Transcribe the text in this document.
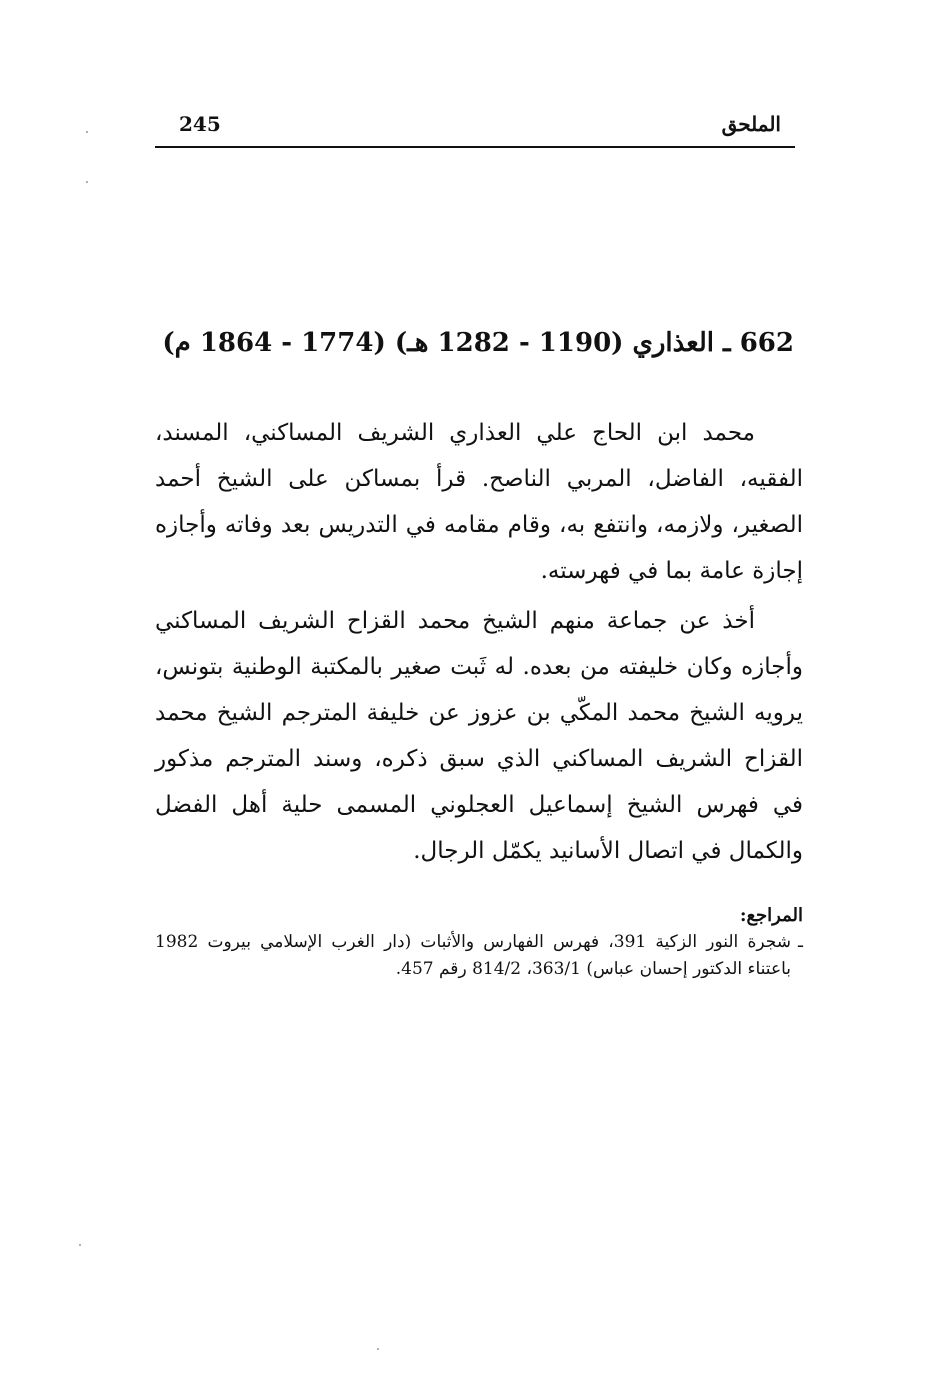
245	الملحق
662 ـ العذاري (1190 - 1282 هـ) (1774 - 1864 م)

محمد ابن الحاج علي العذاري الشريف المساكني، المسند، الفقيه، الفاضل، المربي الناصح. قرأ بمساكن على الشيخ أحمد الصغير، ولازمه، وانتفع به، وقام مقامه في التدريس بعد وفاته وأجازه إجازة عامة بما في فهرسته.

أخذ عن جماعة منهم الشيخ محمد القزاح الشريف المساكني وأجازه وكان خليفته من بعده. له ثَبت صغير بالمكتبة الوطنية بتونس، يرويه الشيخ محمد المكّي بن عزوز عن خليفة المترجم الشيخ محمد القزاح الشريف المساكني الذي سبق ذكره، وسند المترجم مذكور في فهرس الشيخ إسماعيل العجلوني المسمى حلية أهل الفضل والكمال في اتصال الأسانيد يكمّل الرجال.

المراجع:
ـشجرة النور الزكية 391، فهرس الفهارس والأثبات (دار الغرب الإسلامي بيروت 1982 باعتناء الدكتور إحسان عباس) 363/1، 814/2 رقم 457.
